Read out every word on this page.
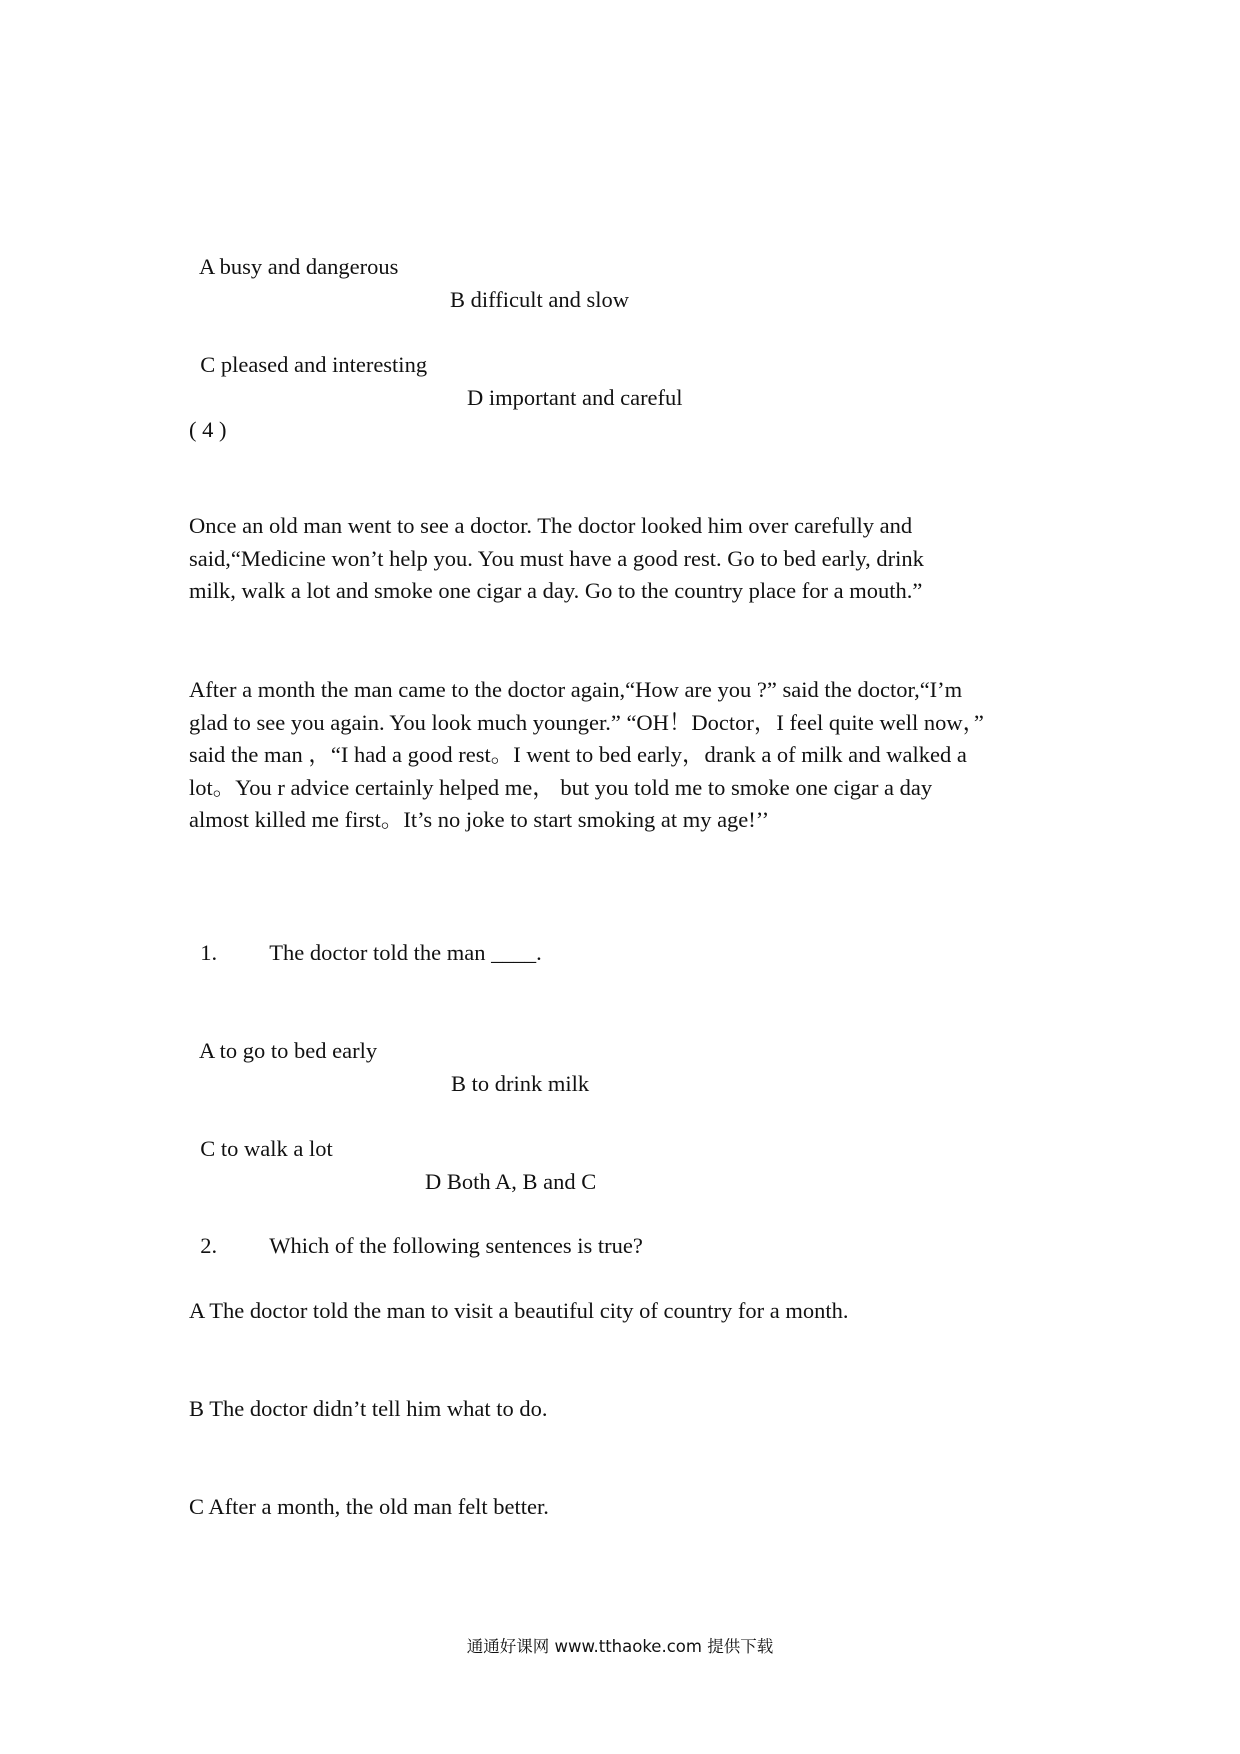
A busy and dangerous

B difficult and slow

C pleased and interesting

D important and careful

( 4 )

Once an old man went to see a doctor. The doctor looked him over carefully and

said,“Medicine won’t help you. You must have a good rest. Go to bed early, drink

milk, walk a lot and smoke one cigar a day. Go to the country place for a mouth.”

After a month the man came to the doctor again,“How are you ?” said the doctor,“I’m

glad to see you again. You look much younger.” “OH！Doctor，I feel quite well now，”

said the man ，“I had a good rest。I went to bed early，drank a of milk and walked a

lot。You r advice certainly helped me， but you told me to smoke one cigar a day

almost killed me first。It’s no joke to start smoking at my age!’’

1. The doctor told the man ____.

A to go to bed early

B to drink milk

C to walk a lot

D Both A, B and C

2. Which of the following sentences is true?

A The doctor told the man to visit a beautiful city of country for a month.
B The doctor didn’t tell him what to do.
C After a month, the old man felt better.
通通好课网 www.tthaoke.com 提供下载
